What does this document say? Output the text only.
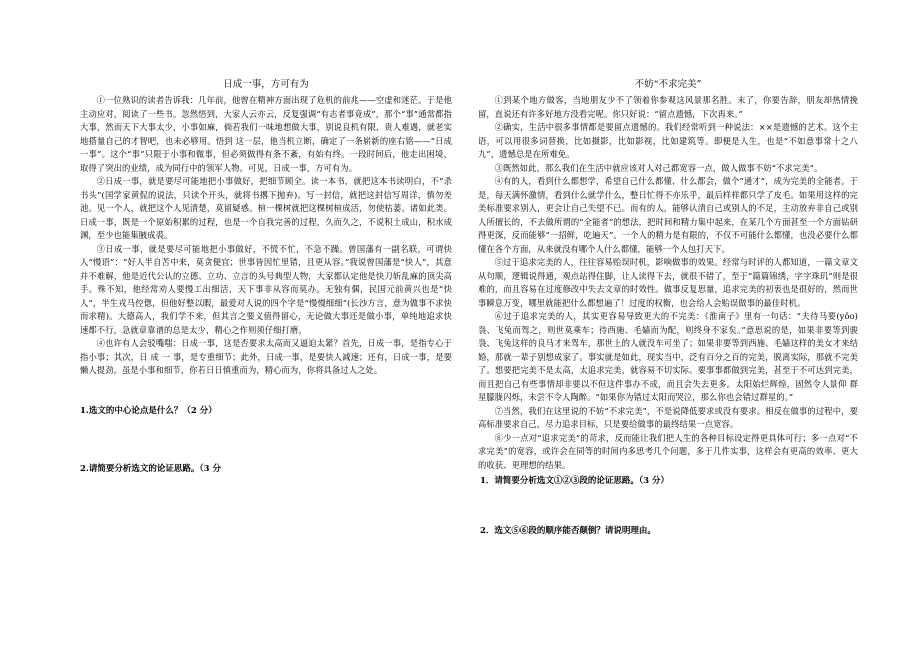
日成一事，方可有为

①一位熟识的读者告诉我：几年前，他曾在精神方面出现了危机的前兆——空虚和迷茫。于是他主动应对，阅读了一些书。忽然悟到，大家人云亦云，反复强调“有志者事竟成”，那个“事”通常都指大事，然而天下大事太少，小事如麻，倘若我们一味地想做大事，别说良机有限，贵人难遇，就老实地搭量自己的才智吧，也未必够用。悟到 这一层，他当机立断，确定了一条崭新的座右铭——“日成一事”。这个“事”只限于小事和微事，但必须做得有条不紊，有始有终。一段时间后，他走出困境，取得了突出的业绩，成为同行中的领军人物。可见，日成一事，方可有为。

②日成一事，就是要尽可能地把小事做好，把细节顾全。读一本书，就把这本书读明白，不“杀书头”(国学家黄侃的说法，只读个开头，就将书撂下抛弃)。写一封信，就把这封信写周详，慎勿差池。见一个人，就把这个人见清楚，莫留疑惑。楦一棵树就把这棵树楦成活，勿使枯萎。诸如此类。日成一事，既是一个原始积累的过程，也是一个自我完善的过程，久而久之，不说积土成山，积水成渊，至少也能集腋成裘。

③日成一事，就是要尽可能地把小事做好，不慌不忙，不急不躁。曾国藩有一副名联，可谓快人“慢语”：“好人半自苦中来，莫贪便宜；世事皆因忙里错，且更从容。”我说曾国藩是“快人”，其意并不难解，他是近代公认的立德、立功、立言的头号典型人物，大家都认定他是快刀斩乱麻的顶尖高手。殊不知，他经常劝人要慢工出细活，天下事非从容而莫办。无独有偶，民国元前黄兴也是“快人”，半生戎马倥偬，但他好整以暇，最爱对人说的四个字是“慢慢细细”(长沙方言，意为做事不求快而求精)。大德高人，我们学不来，但其言之要义值得留心，无论做大事还是做小事，单纯地追求快速都不行，急就章靠谱的总是太少，精心之作则须仔细打磨。

④也许有人会驳嘴嗤：日成一事，这是否要求太高而又逼迫太紧？首先，日成一事，是指专心于指小事；其次，日 成 一 事，是专重细节；此外，日成一事，是要快人减速；还有，日成一事，是要懒人提劲。虽是小事和细节，你若日日慎重而为，精心而为，你将具备过人之处。

1.选文的中心论点是什么？（2 分）

2.请简要分析选文的论证思路。（3 分

不妨“不求完美”

①到某个地方做客，当地朋友少不了领着你参观这风景那名胜。末了，你要告辞，朋友却热情挽留，直说还有许多好地方没看完呢。你只好说：“留点遗憾，下次再来。”

②确实，生活中很多事情都是要留点遗憾的。我们经常听到一种说法：××是遗憾的艺术。这个主语，可以用很多词替换，比如摄影，比如影视，比如建筑等。即便是人生，也是“不如意事常十之八九”，遗憾总是在所难免。

③既然如此，那么我们在生活中就应该对人对己都宽容一点，做人做事不妨“不求完美”。

④有的人，看到什么都想学，希望自己什么都懂、什么都会，做个“通才”，成为完美的全能者。于是，每天满怀激情，看到什么就学什么，整日忙得不亦乐乎，最后样样都只学了皮毛。如果用这样的完美标准要求别人，更会让自己失望不已。而有的人，能够认清自己或别人的不足，主动放弃非自己或别人所擅长的，不去做所谓的“全能者”的想法，把时间和精力集中起来，在某几个方面甚至一个方面钻研得更深，反而能够“一招鲜，吃遍天”。一个人的精力是有限的，不仅不可能什么都懂，也没必要什么都懂在各个方面，从来就没有哪个人什么都懂，能够一个人包打天下。

⑤过于追求完美的人，往往容易贻误时机，影响做事的效果。经常与时评的人都知道，一篇文章文从句顺，逻辑说得通，观点站得住脚，让人读得下去，就很不错了，至于“篇篇锦绣，字字珠玑”则是很难的，而且容易在过度修改中失去文章的时效性。做事反复思量，追求完美的初衷也是很好的，然而世事瞬息万变，哪里就能把什么都想遍了！过度的权衡，也会给人会贻误做事的最佳时机。

⑥过于追求完美的人，其实更容易导致更大的不完美：《淮南子》里有一句话：“夫待马要(yǒo)袅、飞兔而驾之，则世莫乘车；待西施、毛嫱而为配，则终身不家矣。”意思说的是，如果非要等到骏袅、飞兔这样的良马才来驾车，那世上的人就没车可坐了；如果非要等到西施、毛嫱这样的美女才来结婚，那就一辈子别想成家了。事实就是如此，现实当中，泛有百分之百的完美，脱离实际，那就不完美了。想要把完美不是太高，太追求完美，就容易不切实际。要事事都做到完美，甚至于不可达到完美，而且把自己有些事情却非要以不但这件事办不成，而且会失去更多。太阳始烂辉煌，固然令人景仰 群星朦胧闪烁，未尝不令人陶醉。“如果你为错过太阳而哭泣，那么你也会错过群星的。”

⑦当然，我们在这里说的不妨“不求完美”，不是说降低要求或没有要求。相反在做事的过程中，要高标准要求自己，尽力追求目标，只是要给做事的最终结果一点宽容。

⑧少一点对“追求完美”的苛求，反而能让我们把人生的各种目标设定得更具体可行；多一点对“不求完美”的宽容，或许会在同等的时间内多思考几个问题，多于几件实事，这样会有更高的效率、更大的收获、更理想的结果。

1．请简要分析选文①②③段的论证思路。（3 分）

2．选文⑤⑥段的顺序能否颠倒？请说明理由。
